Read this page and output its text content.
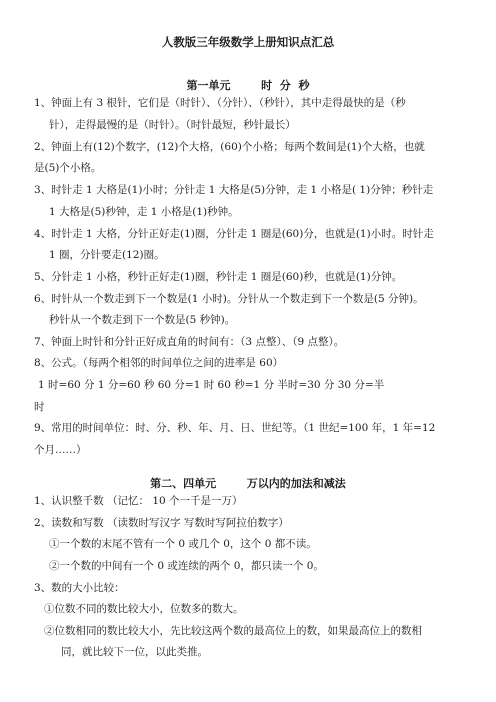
人教版三年级数学上册知识点汇总
第一单元        时  分  秒
1、钟面上有 3 根针，它们是（时针）、（分针）、（秒针），其中走得最快的是（秒
针），走得最慢的是（时针）。（时针最短，秒针最长）
2、钟面上有(12)个数字，(12)个大格，(60)个小格；每两个数间是(1)个大格，也就
是(5)个小格。
3、时针走 1 大格是(1)小时；分针走 1 大格是(5)分钟，走 1 小格是( 1)分钟；秒针走
1 大格是(5)秒钟，走 1 小格是(1)秒钟。
4、时针走 1 大格，分针正好走(1)圈，分针走 1 圈是(60)分，也就是(1)小时。时针走
1 圈，分针要走(12)圈。
5、分针走 1 小格，秒针正好走(1)圈，秒针走 1 圈是(60)秒，也就是(1)分钟。
6、时针从一个数走到下一个数是(1 小时)。分针从一个数走到下一个数是(5 分钟)。
秒针从一个数走到下一个数是(5 秒钟)。
7、钟面上时针和分针正好成直角的时间有：（3 点整）、（9 点整）。
8、公式。（每两个相邻的时间单位之间的进率是 60）
1 时=60 分 1 分=60 秒 60 分=1 时 60 秒=1 分 半时=30 分 30 分=半
时
9、常用的时间单位：时、分、秒、年、月、日、世纪等。（1 世纪=100 年，1 年=12
个月……）
第二、四单元        万以内的加法和减法
1、认识整千数 （记忆： 10 个一千是一万）
2、读数和写数 （读数时写汉字 写数时写阿拉伯数字）
①一个数的末尾不管有一个 0 或几个 0，这个 0 都不读。
②一个数的中间有一个 0 或连续的两个 0，都只读一个 0。
3、数的大小比较：
①位数不同的数比较大小，位数多的数大。
②位数相同的数比较大小，先比较这两个数的最高位上的数，如果最高位上的数相
同，就比较下一位，以此类推。
